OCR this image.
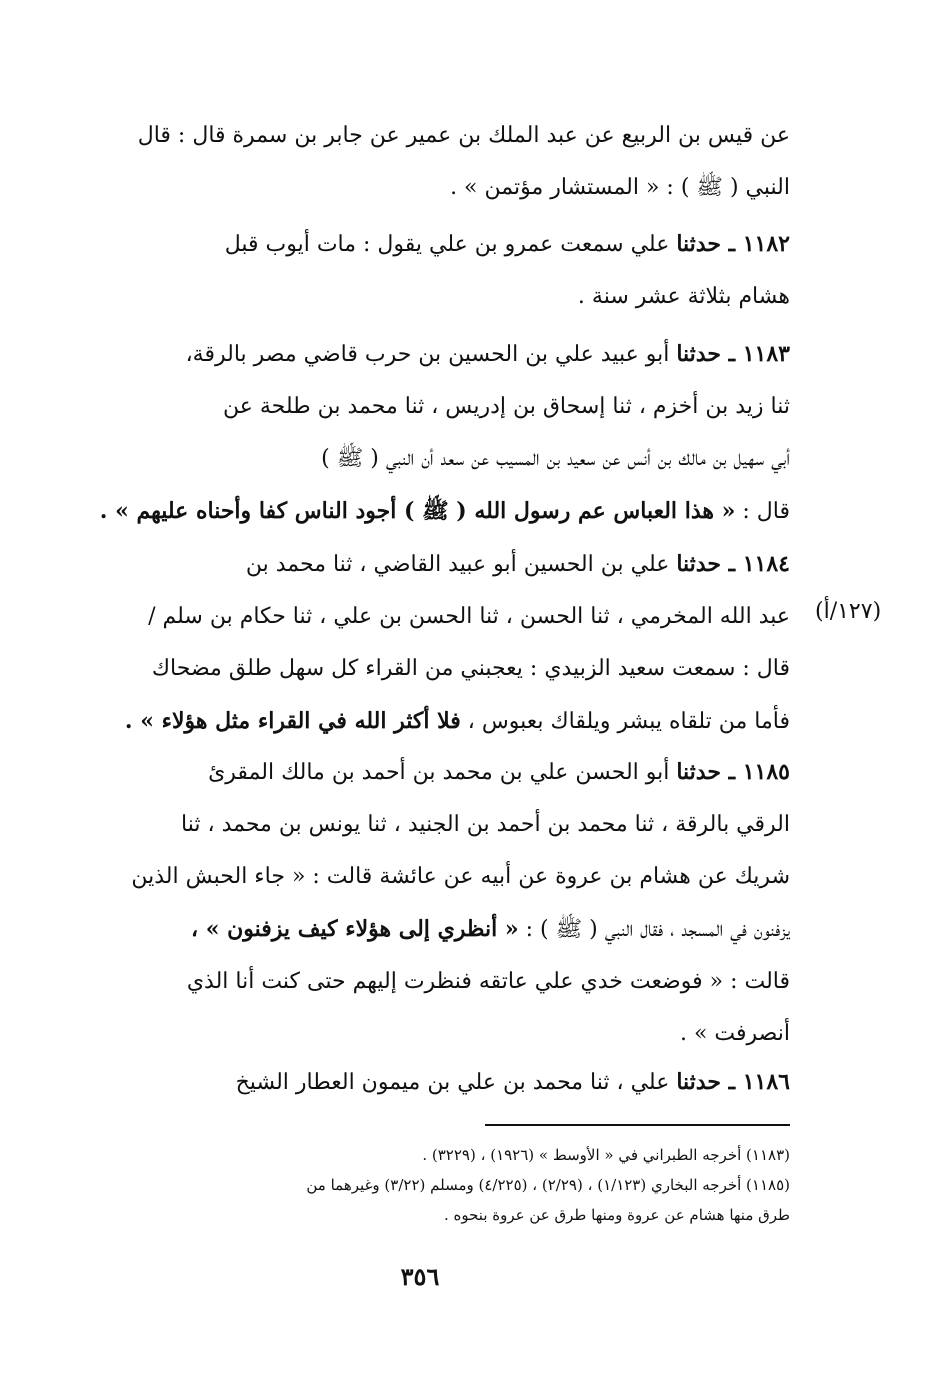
عن قيس بن الربيع عن عبد الملك بن عمير عن جابر بن سمرة قال : قال
النبي ( ﷺ ) : « المستشار مؤتمن » .
١١٨٢ ـ حدثنا علي سمعت عمرو بن علي يقول : مات أيوب قبل
هشام بثلاثة عشر سنة .
١١٨٣ ـ حدثنا أبو عبيد علي بن الحسين بن حرب قاضي مصر بالرقة،
ثنا زيد بن أخزم ، ثنا إسحاق بن إدريس ، ثنا محمد بن طلحة عن
أبي سهيل بن مالك بن أنس عن سعيد بن المسيب عن سعد أن النبي ( ﷺ )
قال : « هذا العباس عم رسول الله ( ﷺ ) أجود الناس كفا وأحناه عليهم » .
١١٨٤ ـ حدثنا علي بن الحسين أبو عبيد القاضي ، ثنا محمد بن
عبد الله المخرمي ، ثنا الحسن ، ثنا الحسن بن علي ، ثنا حكام بن سلم /
قال : سمعت سعيد الزبيدي : يعجبني من القراء كل سهل طلق مضحاك
فأما من تلقاه يبشر ويلقاك بعبوس ، فلا أكثر الله في القراء مثل هؤلاء » .
(١٢٧/أ)
١١٨٥ ـ حدثنا أبو الحسن علي بن محمد بن أحمد بن مالك المقرئ
الرقي بالرقة ، ثنا محمد بن أحمد بن الجنيد ، ثنا يونس بن محمد ، ثنا
شريك عن هشام بن عروة عن أبيه عن عائشة قالت : « جاء الحبش الذين
يزفنون في المسجد ، فقال النبي ( ﷺ ) : « أنظري إلى هؤلاء كيف يزفنون » ،
قالت : « فوضعت خدي علي عاتقه فنظرت إليهم حتى كنت أنا الذي
أنصرفت » .
١١٨٦ ـ حدثنا علي ، ثنا محمد بن علي بن ميمون العطار الشيخ
(١١٨٣) أخرجه الطبراني في « الأوسط » (١٩٢٦) ، (٣٢٢٩) .
(١١٨٥) أخرجه البخاري (١/١٢٣) ، (٢/٢٩) ، (٤/٢٢٥) ومسلم (٣/٢٢) وغيرهما من
طرق منها هشام عن عروة ومنها طرق عن عروة بنحوه .
٣٥٦
